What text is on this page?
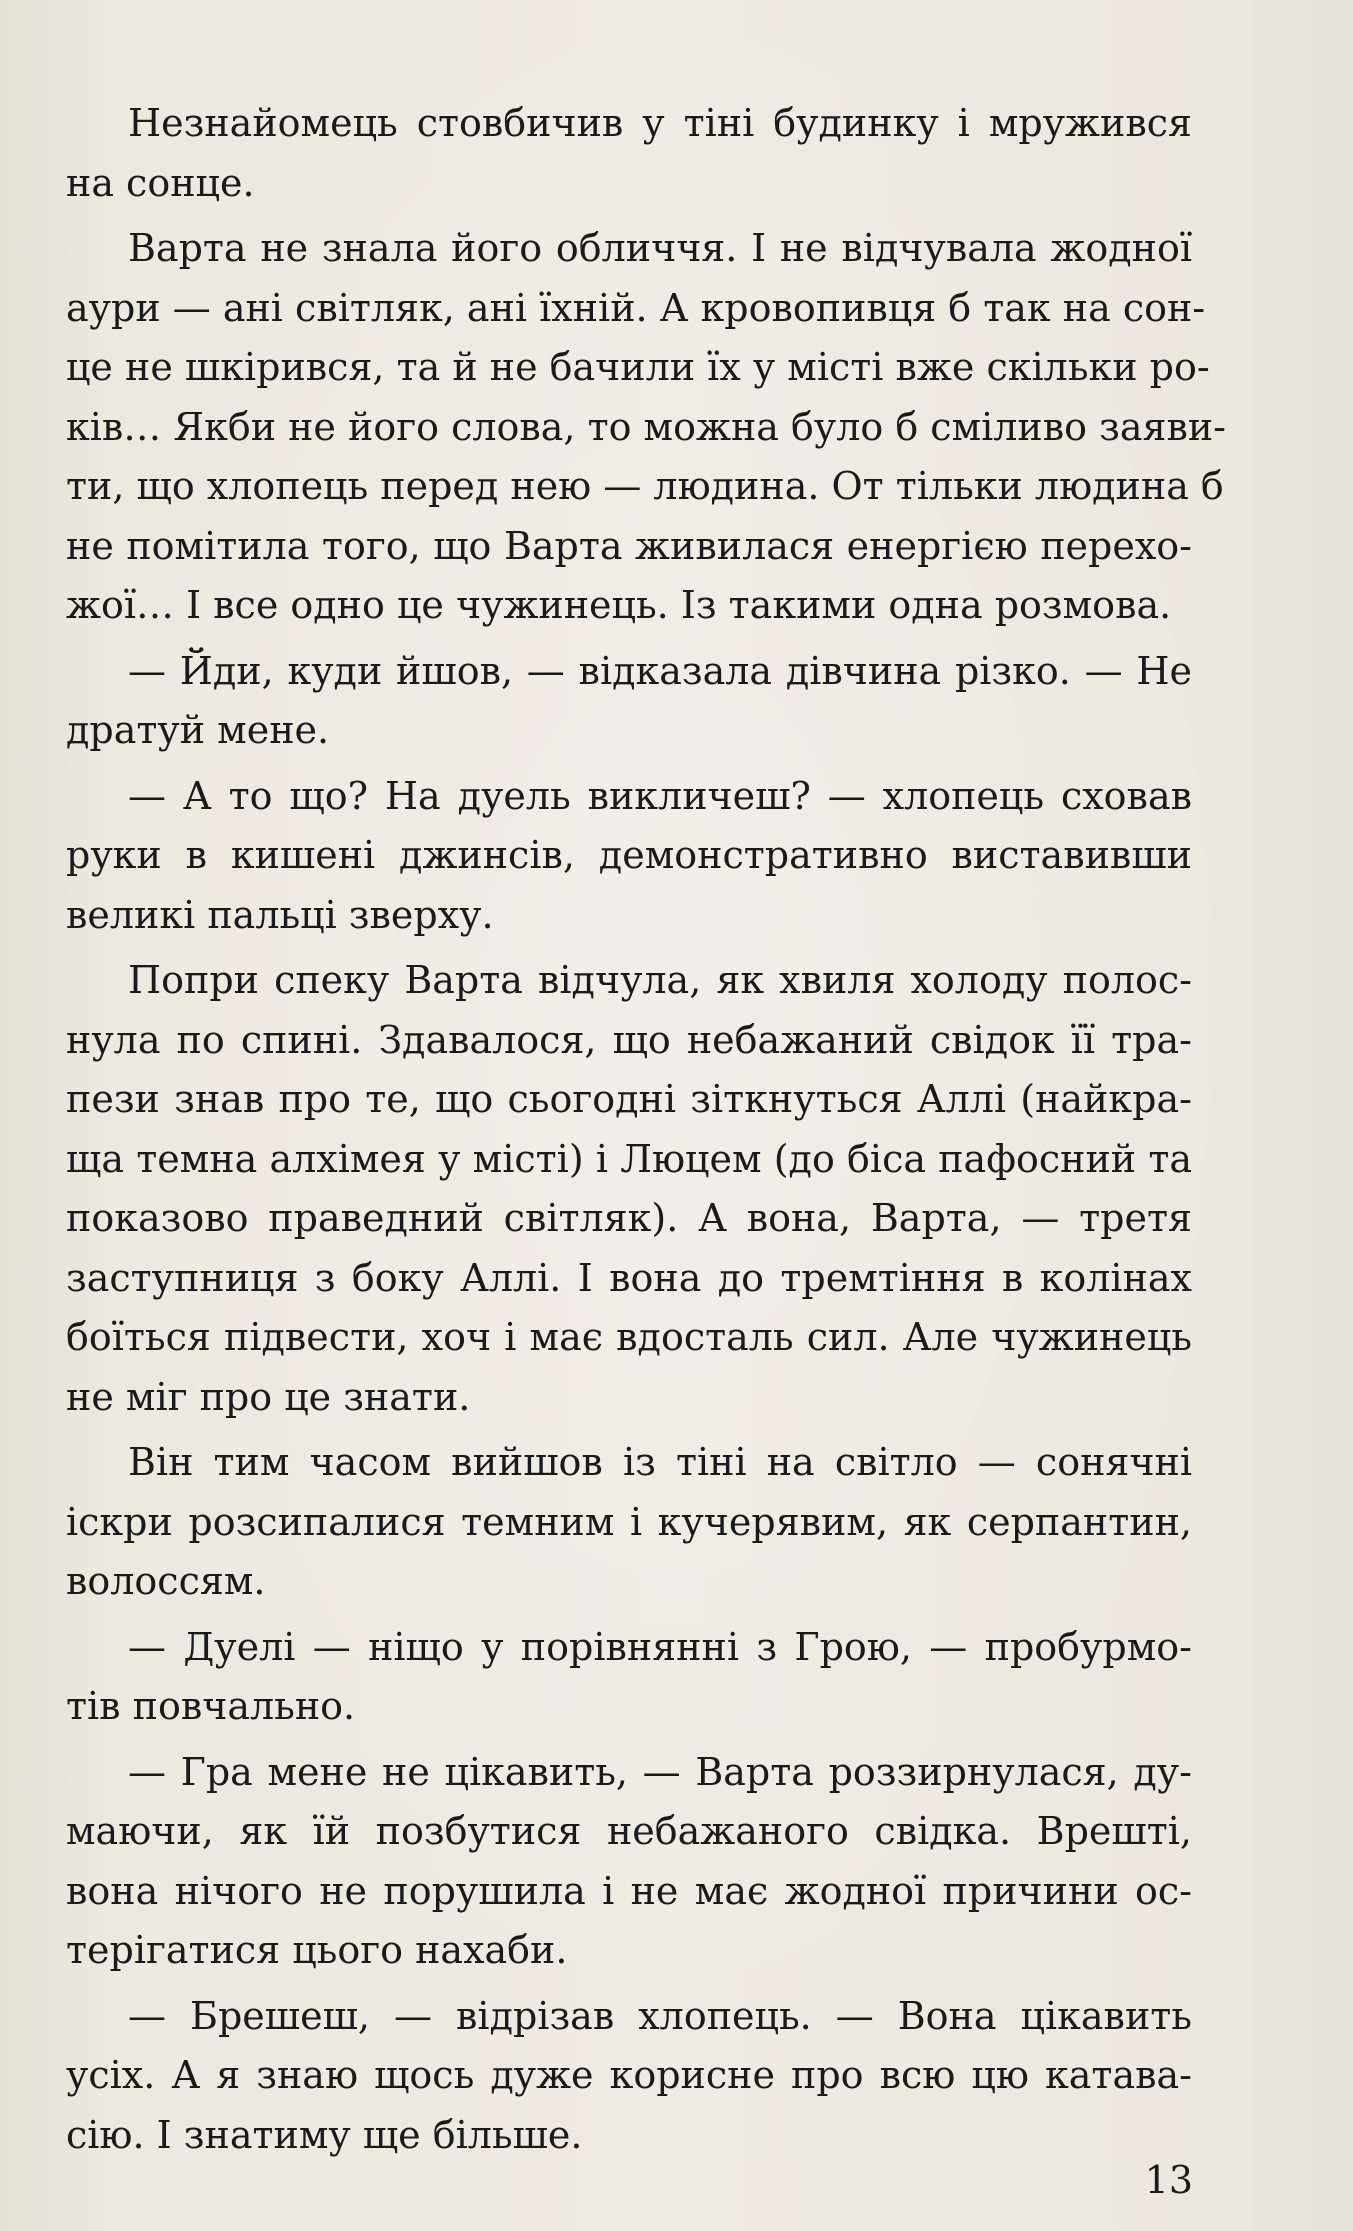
Незнайомець стовбичив у тіні будинку і мружився
на сонце.

Варта не знала його обличчя. І не відчувала жодної
аури — ані світляк, ані їхній. А кровопивця б так на сон-
це не шкірився, та й не бачили їх у місті вже скільки ро-
ків… Якби не його слова, то можна було б сміливо заяви-
ти, що хлопець перед нею — людина. От тільки людина б
не помітила того, що Варта живилася енергією перехо-
жої… І все одно це чужинець. Із такими одна розмова.

— Йди, куди йшов, — відказала дівчина різко. — Не
дратуй мене.

— А то що? На дуель викличеш? — хлопець сховав
руки в кишені джинсів, демонстративно виставивши
великі пальці зверху.

Попри спеку Варта відчула, як хвиля холоду полос-
нула по спині. Здавалося, що небажаний свідок її тра-
пези знав про те, що сьогодні зіткнуться Аллі (найкра-
ща темна алхімея у місті) і Люцем (до біса пафосний та
показово праведний світляк). А вона, Варта, — третя
заступниця з боку Аллі. І вона до тремтіння в колінах
боїться підвести, хоч і має вдосталь сил. Але чужинець
не міг про це знати.

Він тим часом вийшов із тіні на світло — сонячні
іскри розсипалися темним і кучерявим, як серпантин,
волоссям.

— Дуелі — ніщо у порівнянні з Грою, — пробурмо-
тів повчально.

— Гра мене не цікавить, — Варта роззирнулася, ду-
маючи, як їй позбутися небажаного свідка. Врешті,
вона нічого не порушила і не має жодної причини ос-
терігатися цього нахаби.

— Брешеш, — відрізав хлопець. — Вона цікавить
усіх. А я знаю щось дуже корисне про всю цю катава-
сію. І знатиму ще більше.

13
